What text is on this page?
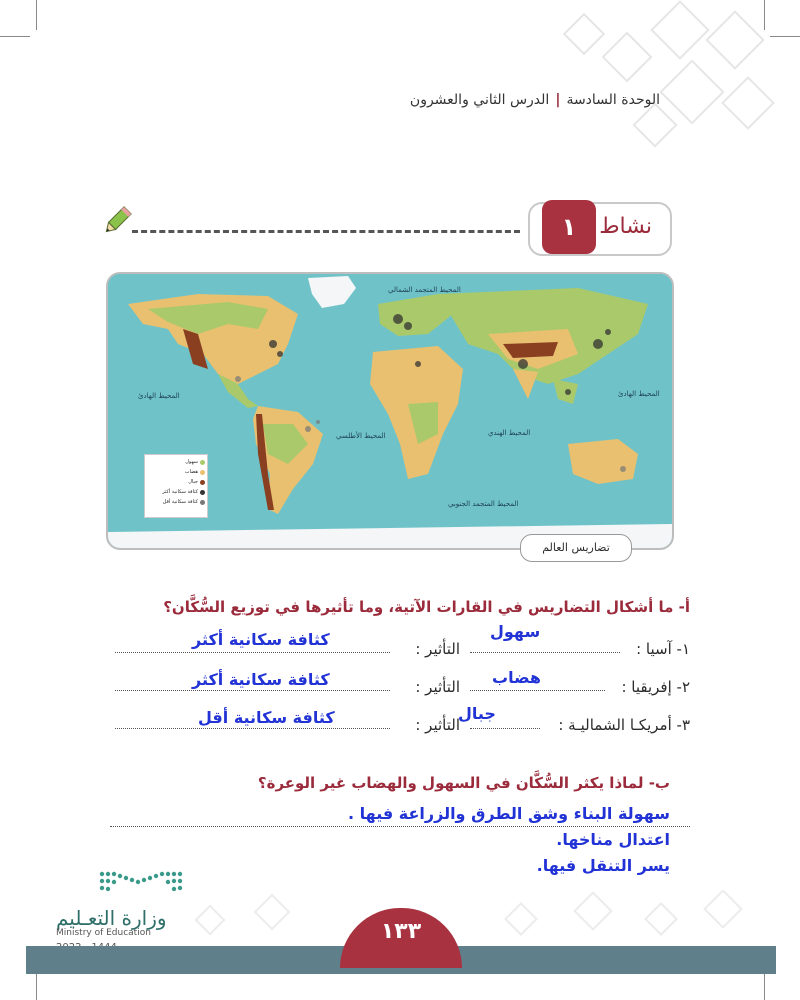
الوحدة السادسة|الدرس الثاني والعشرون
نشاط
١
المحيط المتجمد الشمالي
المحيط الهادئ	المحيط الهادئ
المحيط الأطلسي	المحيط الهندي
المحيط المتجمد الجنوبي
سهول
هضاب
جبال
كثافة سكانية أكثر
كثافة سكانية أقل
تضاريس العالم
أ- ما أشكال التضاريس في القارات الآتية، وما تأثيرها في توزيع السُّكَّان؟
١- آسيا :
التأثير :
سهول
كثافة سكانية أكثر
٢- إفريقيا :
التأثير : هضاب
كثافة سكانية أكثر
٣- أمريكـا الشماليـة :
التأثير :
جبال
كثافة سكانية أقل
ب- لماذا يكثر السُّكَّان في السهول والهضاب غير الوعرة؟
سهولة البناء وشق الطرق والزراعة فيها .
اعتدال مناخها.
يسر التنقل فيها.
وزارة التعـليم
Ministry of Education	١٣٣
